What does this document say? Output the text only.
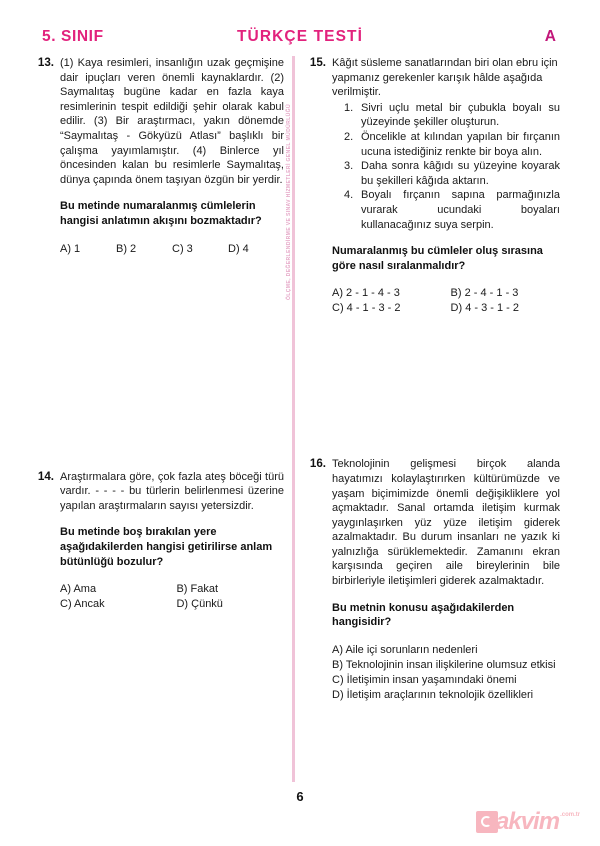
5. SINIF	TÜRKÇE TESTİ	A
ÖLÇME, DEĞERLENDİRME VE SINAV HİZMETLERİ GENEL MÜDÜRLÜĞÜ
13. (1) Kaya resimleri, insanlığın uzak geçmişine dair ipuçları veren önemli kaynaklardır. (2) Saymalıtaş bugüne kadar en fazla kaya resimlerinin tespit edildiği şehir olarak kabul edilir. (3) Bir araştırmacı, yakın dönemde “Saymalıtaş - Gökyüzü Atlası” başlıklı bir çalışma yayımlamıştır. (4) Binlerce yıl öncesinden kalan bu resimlerle Saymalıtaş, dünya çapında önem taşıyan özgün bir yerdir.
Bu metinde numaralanmış cümlelerin hangisi anlatımın akışını bozmaktadır?
A) 1	B) 2	C) 3	D) 4
14. Araştırmalara göre, çok fazla ateş böceği türü vardır. - - - - bu türlerin belirlenmesi üzerine yapılan araştırmaların sayısı yetersizdir.
Bu metinde boş bırakılan yere aşağıdakilerden hangisi getirilirse anlam bütünlüğü bozulur?
A) Ama	B) Fakat
C) Ancak	D) Çünkü
15. Kâğıt süsleme sanatlarından biri olan ebru için yapmanız gerekenler karışık hâlde aşağıda verilmiştir.
1. Sivri uçlu metal bir çubukla boyalı su yüzeyinde şekiller oluşturun.
2. Öncelikle at kılından yapılan bir fırçanın ucuna istediğiniz renkte bir boya alın.
3. Daha sonra kâğıdı su yüzeyine koyarak bu şekilleri kâğıda aktarın.
4. Boyalı fırçanın sapına parmağınızla vurarak ucundaki boyaları kullanacağınız suya serpin.
Numaralanmış bu cümleler oluş sırasına göre nasıl sıralanmalıdır?
A) 2 - 1 - 4 - 3	B) 2 - 4 - 1 - 3
C) 4 - 1 - 3 - 2	D) 4 - 3 - 1 - 2
16. Teknolojinin gelişmesi birçok alanda hayatımızı kolaylaştırırken kültürümüzde ve yaşam biçimimizde önemli değişikliklere yol açmaktadır. Sanal ortamda iletişim kurmak yaygınlaşırken yüz yüze iletişim giderek azalmaktadır. Bu durum insanları ne yazık ki yalnızlığa sürüklemektedir. Zamanını ekran karşısında geçiren aile bireylerinin bile birbirleriyle iletişimleri giderek azalmaktadır.
Bu metnin konusu aşağıdakilerden hangisidir?
A) Aile içi sorunların nedenleri
B) Teknolojinin insan ilişkilerine olumsuz etkisi
C) İletişimin insan yaşamındaki önemi
D) İletişim araçlarının teknolojik özellikleri
6
akvim .com.tr
